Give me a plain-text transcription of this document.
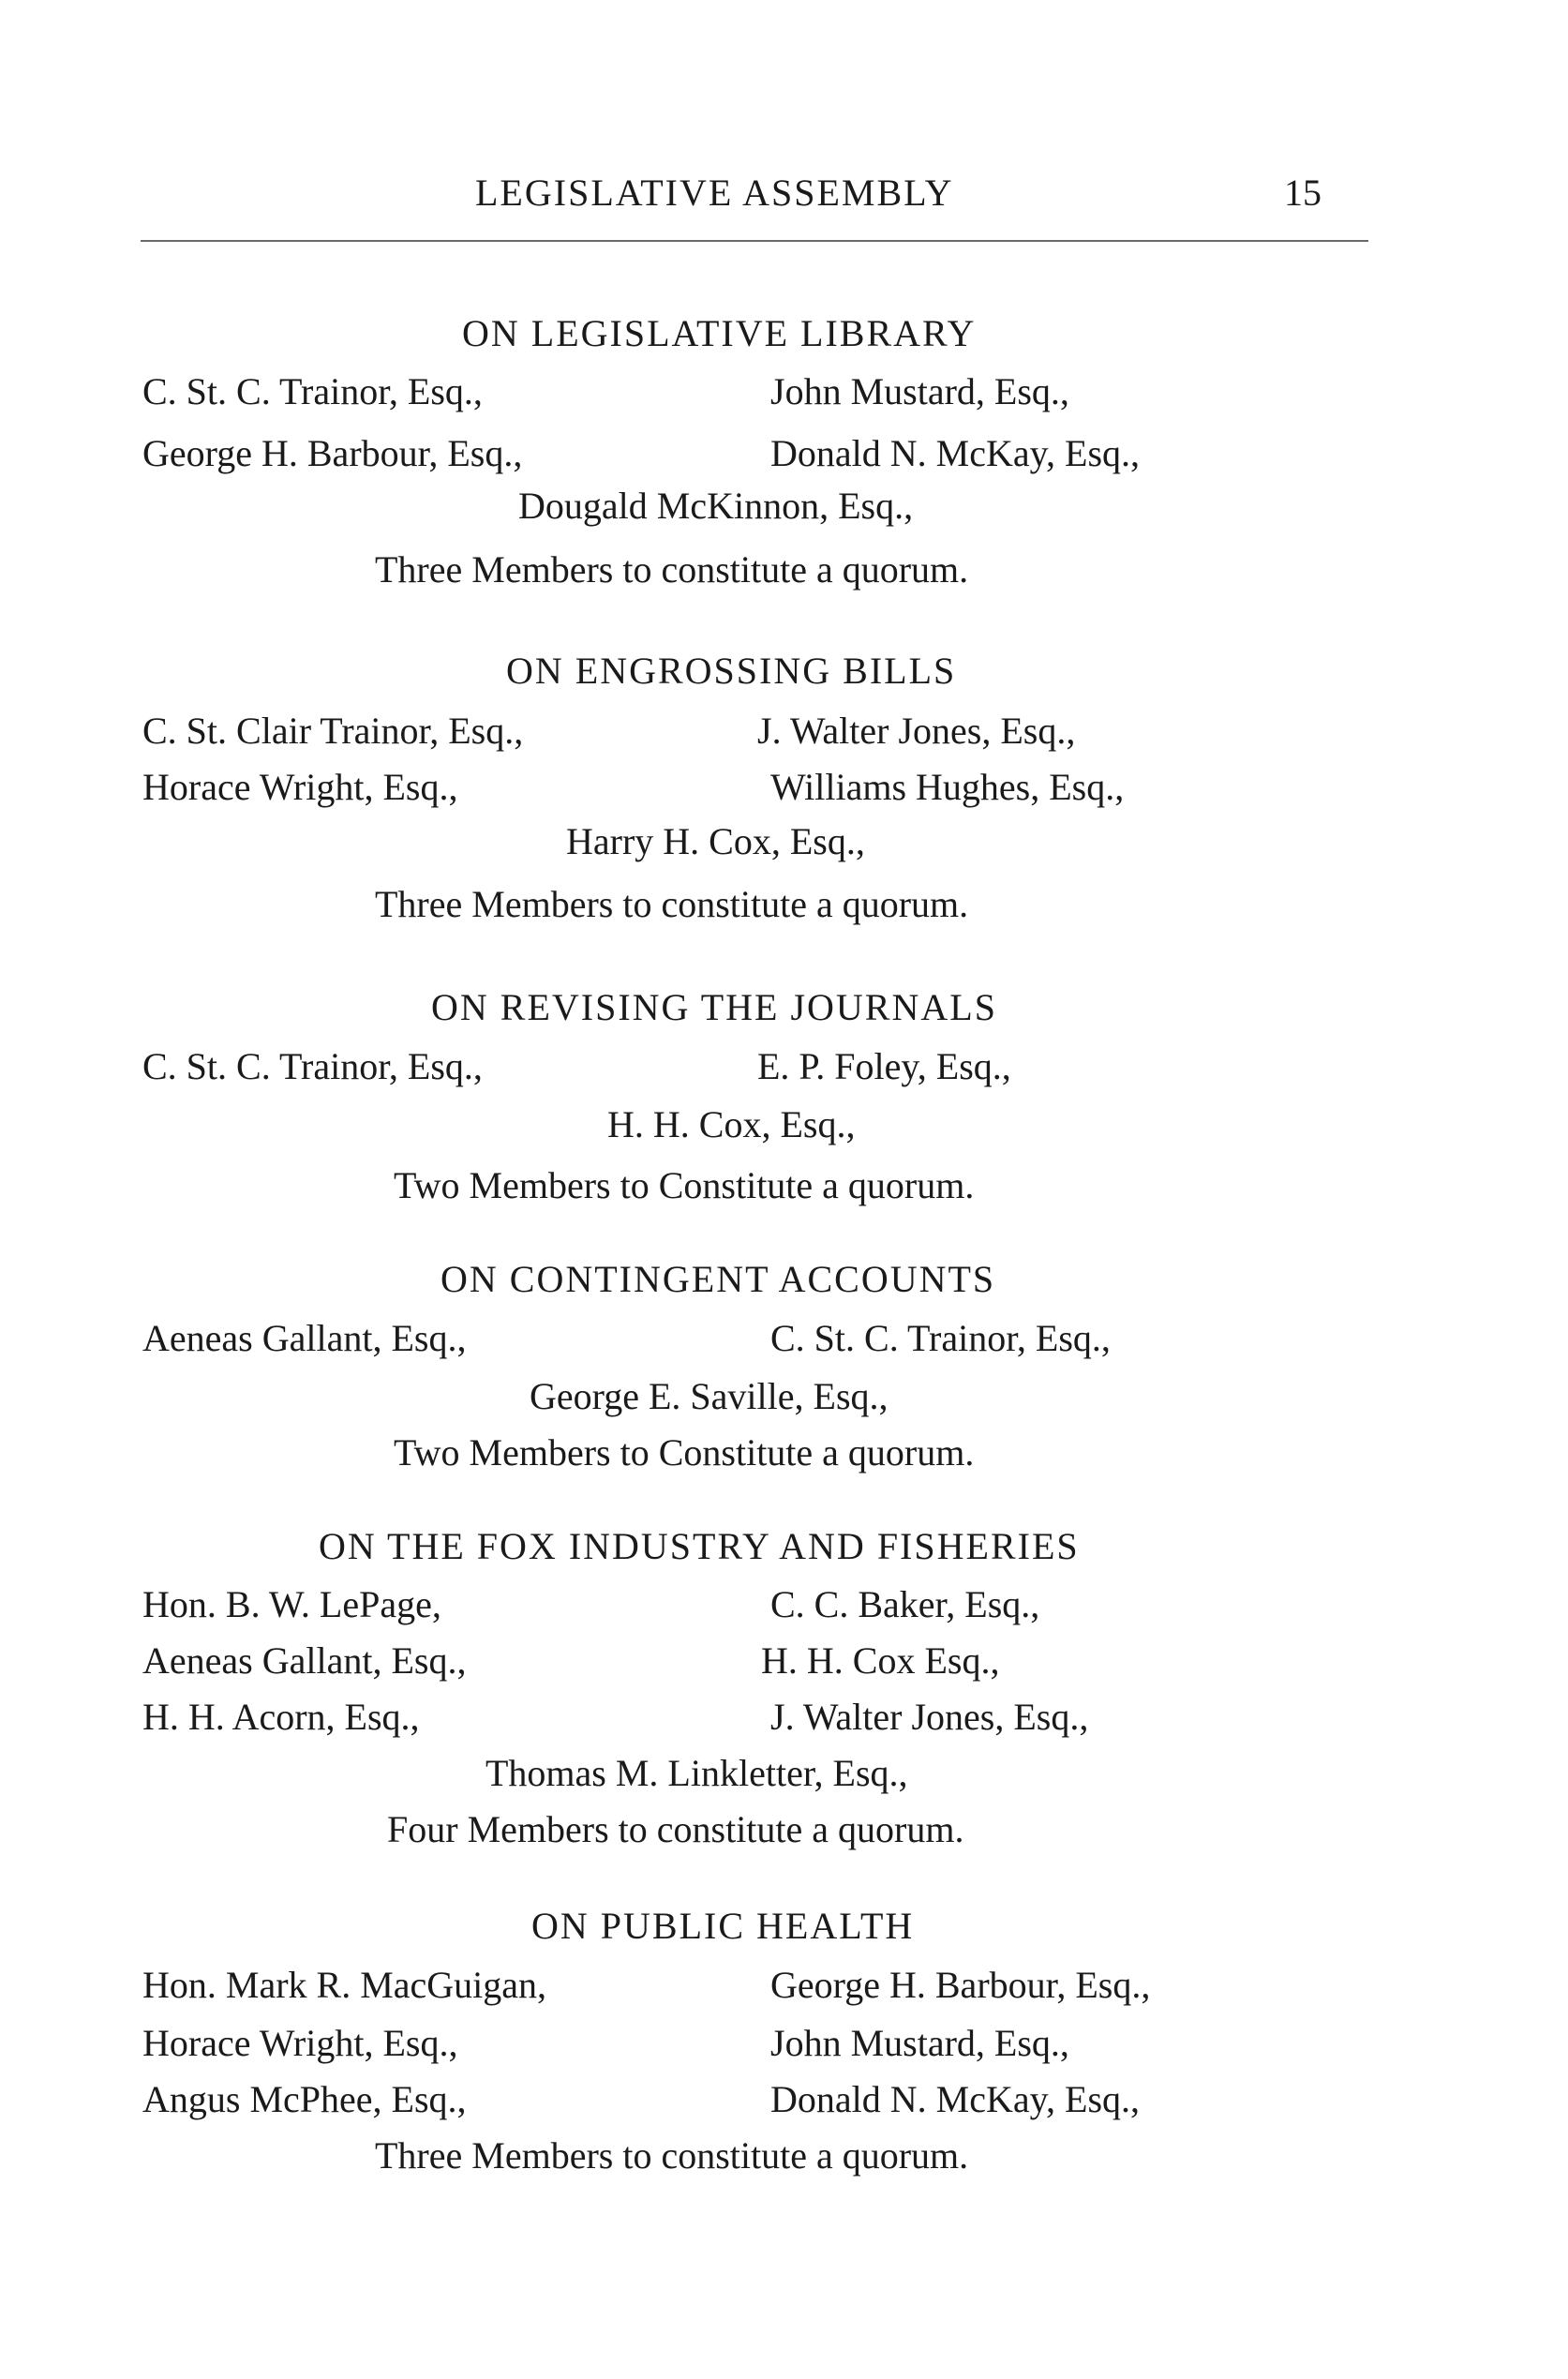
LEGISLATIVE ASSEMBLY	15
ON LEGISLATIVE LIBRARY
C. St. C. Trainor, Esq.,	John Mustard, Esq.,
George H. Barbour, Esq.,	Donald N. McKay, Esq.,
Dougald McKinnon, Esq.,
Three Members to constitute a quorum.
ON ENGROSSING BILLS
C. St. Clair Trainor, Esq.,	J. Walter Jones, Esq.,
Horace Wright, Esq.,	Williams Hughes, Esq.,
Harry H. Cox, Esq.,
Three Members to constitute a quorum.
ON REVISING THE JOURNALS
C. St. C. Trainor, Esq.,	E. P. Foley, Esq.,
H. H. Cox, Esq.,
Two Members to Constitute a quorum.
ON CONTINGENT ACCOUNTS
Aeneas Gallant, Esq.,	C. St. C. Trainor, Esq.,
George E. Saville, Esq.,
Two Members to Constitute a quorum.
ON THE FOX INDUSTRY AND FISHERIES
Hon. B. W. LePage,	C. C. Baker, Esq.,
Aeneas Gallant, Esq.,	H. H. Cox Esq.,
H. H. Acorn, Esq.,	J. Walter Jones, Esq.,
Thomas M. Linkletter, Esq.,
Four Members to constitute a quorum.
ON PUBLIC HEALTH
Hon. Mark R. MacGuigan,	George H. Barbour, Esq.,
Horace Wright, Esq.,	John Mustard, Esq.,
Angus McPhee, Esq.,	Donald N. McKay, Esq.,
Three Members to constitute a quorum.
